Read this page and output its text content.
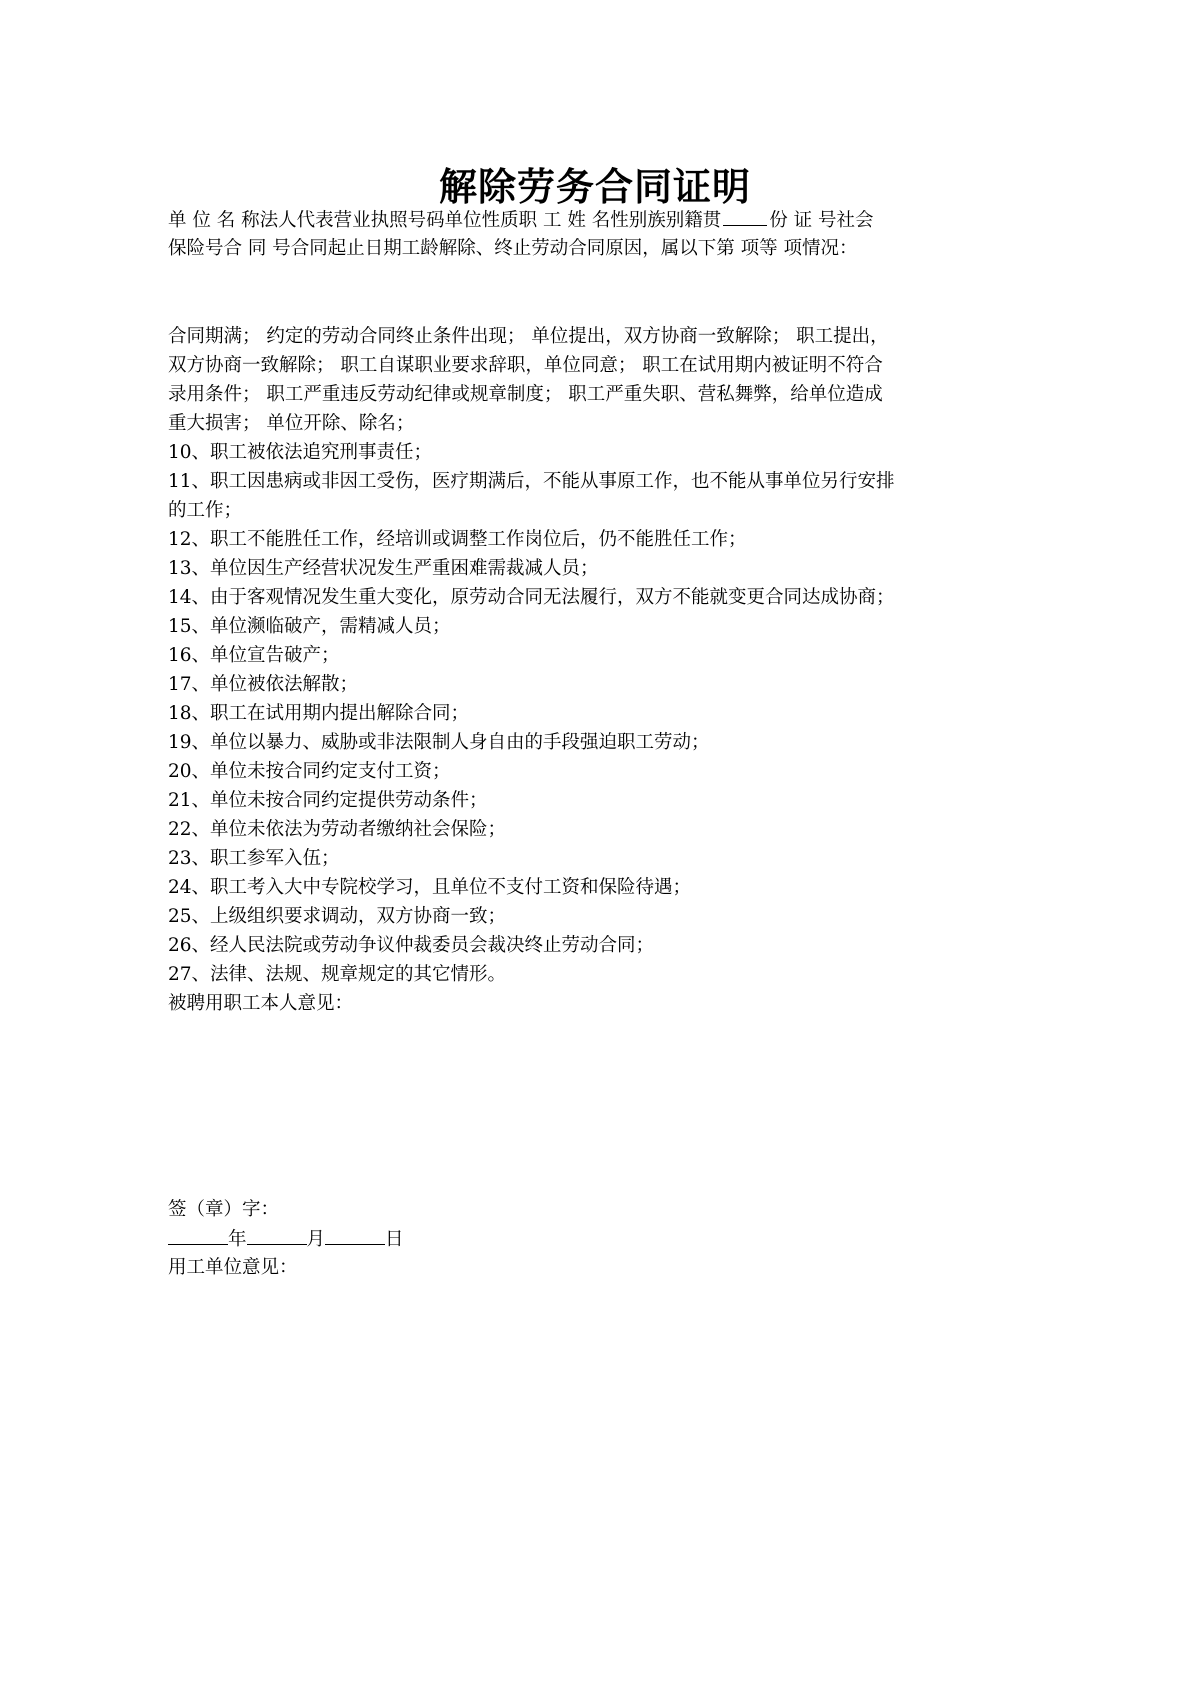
解除劳务合同证明
单 位 名 称法人代表营业执照号码单位性质职 工 姓 名性别族别籍贯	份 证 号社会
保险号合 同 号合同起止日期工龄解除、终止劳动合同原因，属以下第 项等 项情况：
合同期满； 约定的劳动合同终止条件出现； 单位提出，双方协商一致解除； 职工提出，
双方协商一致解除； 职工自谋职业要求辞职，单位同意； 职工在试用期内被证明不符合
录用条件； 职工严重违反劳动纪律或规章制度； 职工严重失职、营私舞弊，给单位造成
重大损害； 单位开除、除名；
10、职工被依法追究刑事责任；
11、职工因患病或非因工受伤，医疗期满后，不能从事原工作，也不能从事单位另行安排
的工作；
12、职工不能胜任工作，经培训或调整工作岗位后，仍不能胜任工作；
13、单位因生产经营状况发生严重困难需裁减人员；
14、由于客观情况发生重大变化，原劳动合同无法履行，双方不能就变更合同达成协商；
15、单位濒临破产，需精减人员；
16、单位宣告破产；
17、单位被依法解散；
18、职工在试用期内提出解除合同；
19、单位以暴力、威胁或非法限制人身自由的手段强迫职工劳动；
20、单位未按合同约定支付工资；
21、单位未按合同约定提供劳动条件；
22、单位未依法为劳动者缴纳社会保险；
23、职工参军入伍；
24、职工考入大中专院校学习，且单位不支付工资和保险待遇；
25、上级组织要求调动，双方协商一致；
26、经人民法院或劳动争议仲裁委员会裁决终止劳动合同；
27、法律、法规、规章规定的其它情形。
被聘用职工本人意见：
签（章）字：
年	月	日
用工单位意见：
